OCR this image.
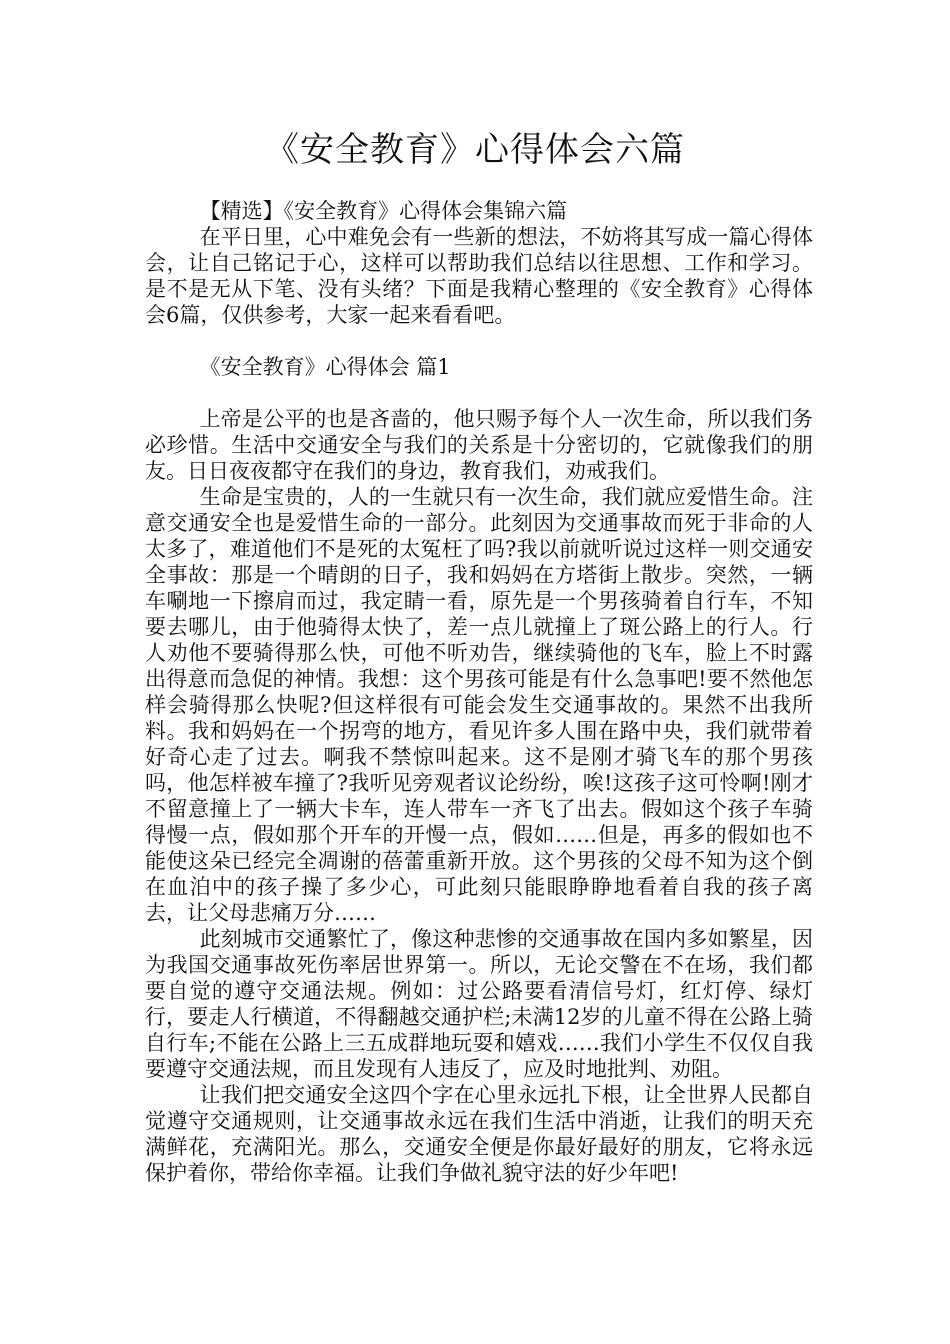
《安全教育》心得体会六篇

【精选】《安全教育》心得体会集锦六篇

在平日里，心中难免会有一些新的想法，不妨将其写成一篇心得体会，让自己铭记于心，这样可以帮助我们总结以往思想、工作和学习。是不是无从下笔、没有头绪？下面是我精心整理的《安全教育》心得体会6篇，仅供参考，大家一起来看看吧。

《安全教育》心得体会 篇1

上帝是公平的也是吝啬的，他只赐予每个人一次生命，所以我们务必珍惜。生活中交通安全与我们的关系是十分密切的，它就像我们的朋友。日日夜夜都守在我们的身边，教育我们，劝戒我们。

生命是宝贵的，人的一生就只有一次生命，我们就应爱惜生命。注意交通安全也是爱惜生命的一部分。此刻因为交通事故而死于非命的人太多了，难道他们不是死的太冤枉了吗?我以前就听说过这样一则交通安全事故：那是一个晴朗的日子，我和妈妈在方塔街上散步。突然，一辆车唰地一下擦肩而过，我定睛一看，原先是一个男孩骑着自行车，不知要去哪儿，由于他骑得太快了，差一点儿就撞上了斑公路上的行人。行人劝他不要骑得那么快，可他不听劝告，继续骑他的飞车，脸上不时露出得意而急促的神情。我想：这个男孩可能是有什么急事吧!要不然他怎样会骑得那么快呢?但这样很有可能会发生交通事故的。果然不出我所料。我和妈妈在一个拐弯的地方，看见许多人围在路中央，我们就带着好奇心走了过去。啊我不禁惊叫起来。这不是刚才骑飞车的那个男孩吗，他怎样被车撞了?我听见旁观者议论纷纷，唉!这孩子这可怜啊!刚才不留意撞上了一辆大卡车，连人带车一齐飞了出去。假如这个孩子车骑得慢一点，假如那个开车的开慢一点，假如……但是，再多的假如也不能使这朵已经完全凋谢的蓓蕾重新开放。这个男孩的父母不知为这个倒在血泊中的孩子操了多少心，可此刻只能眼睁睁地看着自我的孩子离去，让父母悲痛万分……

此刻城市交通繁忙了，像这种悲惨的交通事故在国内多如繁星，因为我国交通事故死伤率居世界第一。所以，无论交警在不在场，我们都要自觉的遵守交通法规。例如：过公路要看清信号灯，红灯停、绿灯行，要走人行横道，不得翻越交通护栏;未满12岁的儿童不得在公路上骑自行车;不能在公路上三五成群地玩耍和嬉戏……我们小学生不仅仅自我要遵守交通法规，而且发现有人违反了，应及时地批判、劝阻。

让我们把交通安全这四个字在心里永远扎下根，让全世界人民都自觉遵守交通规则，让交通事故永远在我们生活中消逝，让我们的明天充满鲜花，充满阳光。那么，交通安全便是你最好最好的朋友，它将永远保护着你，带给你幸福。让我们争做礼貌守法的好少年吧!
